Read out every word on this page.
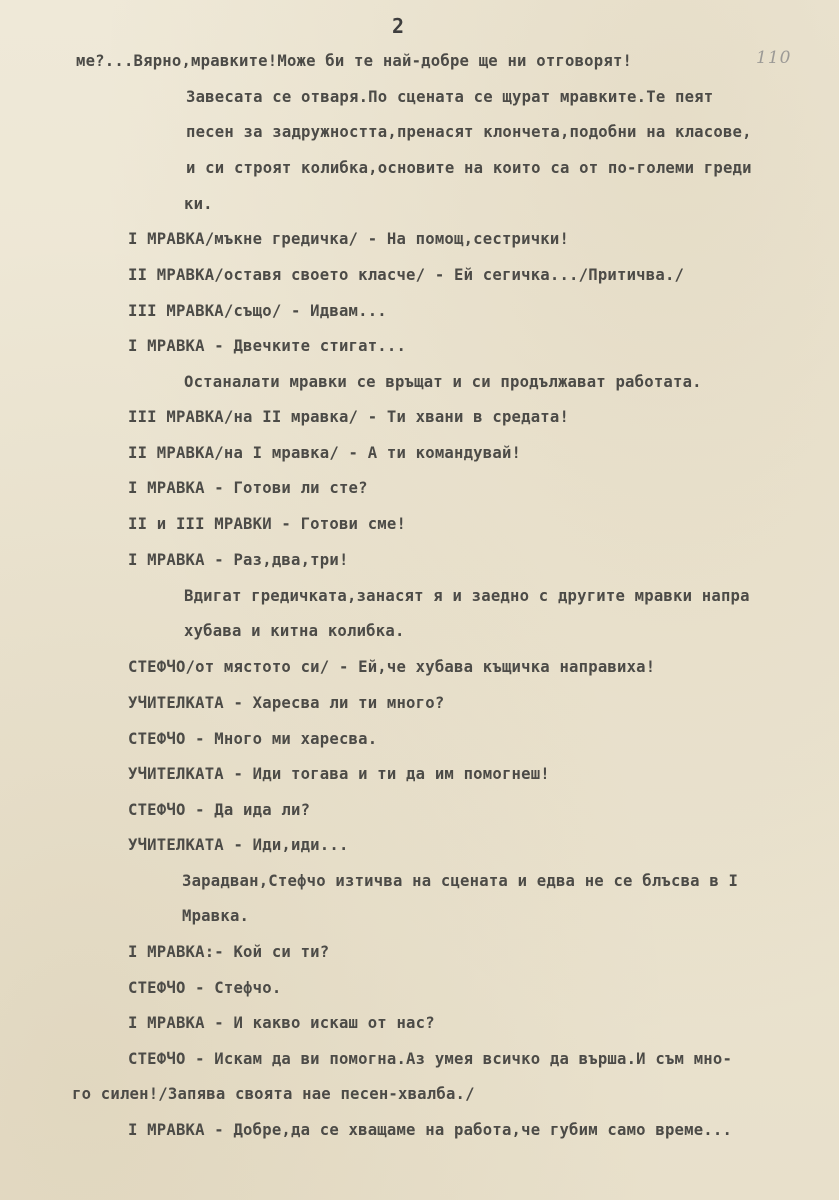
2
110
ме?...Вярно,мравките!Може би те най-добре ще ни отговорят!
Завесата се отваря.По сцената се щурат мравките.Те пеят
песен за задружността,пренасят клончета,подобни на класове,
и си строят колибка,основите на които са от по-големи греди
ки.
I МРАВКА/мъкне гредичка/ - На помощ,сестрички!
II МРАВКА/оставя своето класче/ - Ей сегичка.../Притичва./
III МРАВКА/също/ - Идвам...
I МРАВКА - Двечките стигат...
Останалати мравки се връщат и си продължават работата.
III МРАВКА/на II мравка/ - Ти хвани в средата!
II МРАВКА/на I мравка/ - А ти командувай!
I МРАВКА - Готови ли сте?
II и III МРАВКИ - Готови сме!
I МРАВКА - Раз,два,три!
Вдигат гредичката,занасят я и заедно с другите мравки напра
хубава и китна колибка.
СТЕФЧО/от мястото си/ - Ей,че хубава къщичка направиха!
УЧИТЕЛКАТА - Харесва ли ти много?
СТЕФЧО - Много ми харесва.
УЧИТЕЛКАТА - Иди тогава и ти да им помогнеш!
СТЕФЧО - Да ида ли?
УЧИТЕЛКАТА - Иди,иди...
Зарадван,Стефчо изтичва на сцената и едва не се блъсва в I
Мравка.
I МРАВКА:- Кой си ти?
СТЕФЧО - Стефчо.
I МРАВКА - И какво искаш от нас?
СТЕФЧО - Искам да ви помогна.Аз умея всичко да върша.И съм мно-
го силен!/Запява своята нае песен-хвалба./
I МРАВКА - Добре,да се хващаме на работа,че губим само време...
